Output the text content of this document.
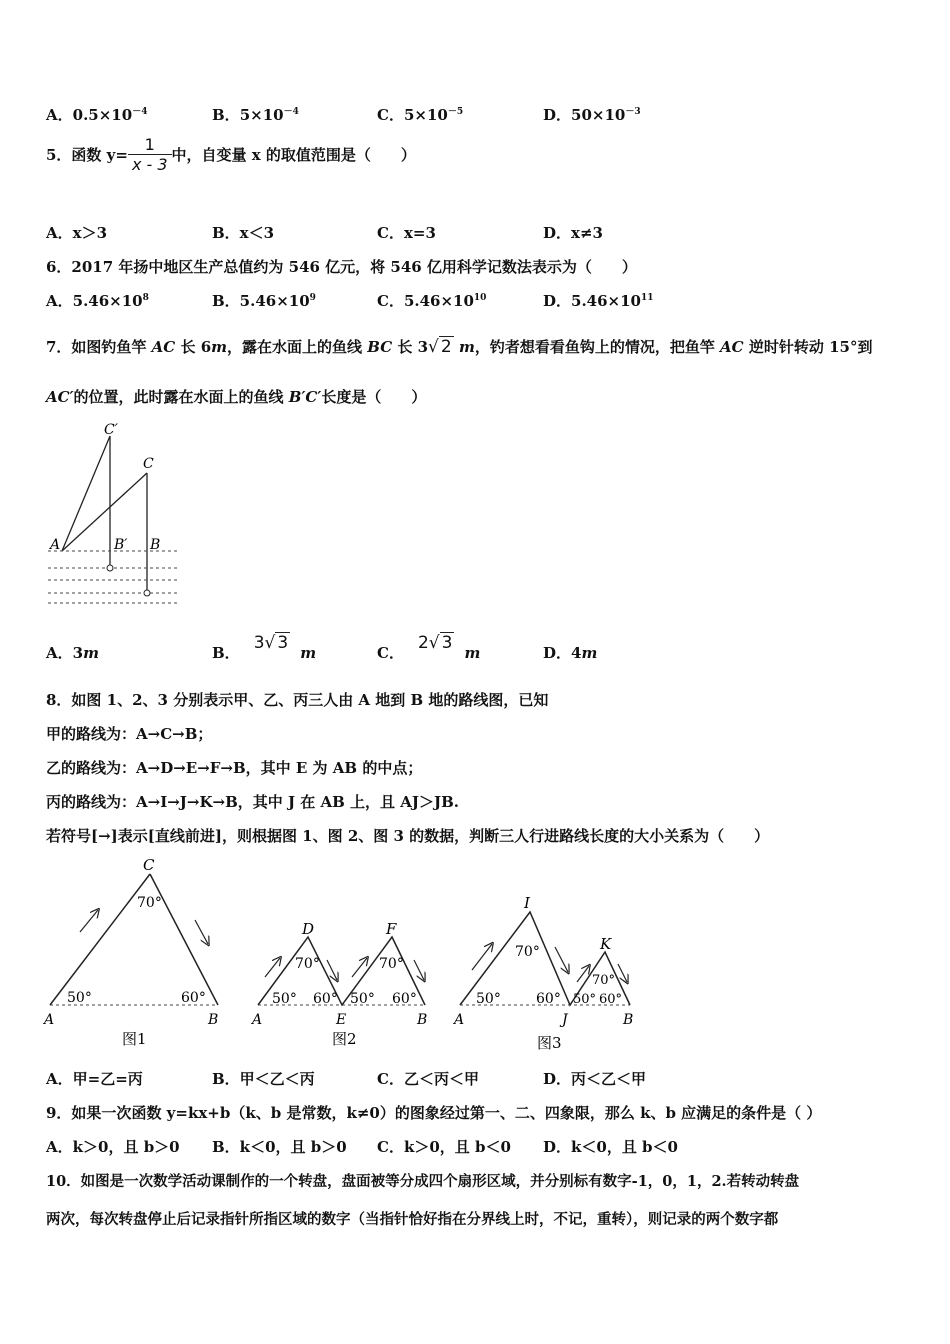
A．$0.5\times 10^{-4}$	B．$5\times 10^{-4}$	C．$5\times 10^{-5}$	D．$50\times 10^{-3}$
5．函数 $y= \frac{1}{x - 3}$ 中，自变量 x 的取值范围是（　　）
A．x＞3	B．x＜3	C．x=3	D．x≠3
6．2017 年扬中地区生产总值约为 546 亿元，将 546 亿用科学记数法表示为（　　）
A．$5.46\times 10^8$	B．$5.46\times 10^9$	C．$5.46\times 10^{10}$	D．$5.46\times 10^{11}$
7．如图钓鱼竿 AC 长 6m，露在水面上的鱼线 BC 长 3√ 2 m，钓者想看看鱼钩上的情况，把鱼竿 AC 逆时针转动 15°到
AC′的位置，此时露在水面上的鱼线 B′C′长度是（　　）
C′
C
A	B′ B
A．3m	B． 3√ 3 m	C． 2√ 3 m	D．4m
8．如图 1、2、3 分别表示甲、乙、丙三人由 A 地到 B 地的路线图，已知
甲的路线为：A→C→B；
乙的路线为：A→D→E→F→B，其中 E 为 AB 的中点；
丙的路线为：A→I→J→K→B，其中 J 在 AB 上，且 AJ＞JB.
若符号[→]表示[直线前进]，则根据图 1、图 2、图 3 的数据，判断三人行进路线长度的大小关系为（　　）
C
70°
50°	60°
A	B
图1
D	F
70°	70°
50° 60° 50° 60°
A	E	B
图2
I
K
70°
70°
50°	60° 50° 60°
A	J	B
图3
A．甲=乙=丙	B．甲＜乙＜丙	C．乙＜丙＜甲	D．丙＜乙＜甲
9．如果一次函数 y=kx+b（k、b 是常数，k≠0）的图象经过第一、二、四象限，那么 k、b 应满足的条件是（ ）
A．k＞0，且 b＞0 B．k＜0，且 b＞0 C．k＞0，且 b＜0 D．k＜0，且 b＜0
10．如图是一次数学活动课制作的一个转盘，盘面被等分成四个扇形区域，并分别标有数字-1，0，1，2.若转动转盘
两次，每次转盘停止后记录指针所指区域的数字（当指针恰好指在分界线上时，不记，重转），则记录的两个数字都
